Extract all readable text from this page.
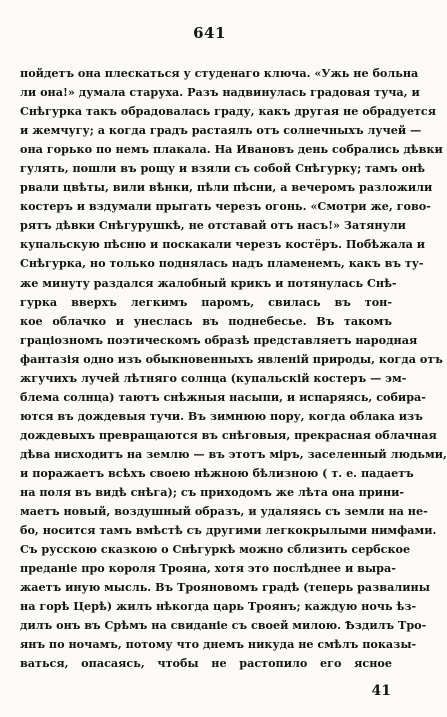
641
пойдетъ она плескаться у студенаго ключа. «Ужь не больна
ли она!» думала старуха. Разъ надвинулась градовая туча, и
Снѣгурка такъ обрадовалась граду, какъ другая не обрадуется
и жемчугу; а когда градъ растаялъ отъ солнечныхъ лучей —
она горько по немъ плакала. На Ивановъ день собрались дѣвки
гулять, пошли въ рощу и взяли съ собой Снѣгурку; тамъ онѣ
рвали цвѣты, вили вѣнки, пѣли пѣсни, а вечеромъ разложили
костеръ и вздумали прыгать черезъ огонь. «Смотри же, гово-
рятъ дѣвки Снѣгурушкѣ, не отставай отъ насъ!» Затянули
купальскую пѣсню и поскакали черезъ костёръ. Побѣжала и
Снѣгурка, но только поднялась надъ пламенемъ, какъ въ ту-
же минуту раздался жалобный крикъ и потянулась Снѣ-
гурка вверхъ легкимъ паромъ, свилась въ тон-
кое облачко и унеслась въ поднебесье. Въ такомъ
граціозномъ поэтическомъ образѣ представляетъ народная
фантазія одно изъ обыкновенныхъ явленій природы, когда отъ
жгучихъ лучей лѣтняго солнца (купальскій костеръ — эм-
блема солнца) таютъ снѣжныя насыпи, и испаряясь, собира-
ются въ дождевыя тучи. Въ зимнюю пору, когда облака изъ
дождевыхъ превращаются въ снѣговыя, прекрасная облачная
дѣва нисходитъ на землю — въ этотъ міръ, заселенный людьми,
и поражаетъ всѣхъ своею нѣжною бѣлизною ( т. е. падаетъ
на поля въ видѣ снѣга); съ приходомъ же лѣта она прини-
маетъ новый, воздушный образъ, и удаляясь съ земли на не-
бо, носится тамъ вмѣстѣ съ другими легкокрылыми нимфами.
Съ русскою сказкою о Снѣгуркѣ можно сблизить сербское
преданіе про короля Трояна, хотя это послѣднее и выра-
жаетъ иную мысль. Въ Трояновомъ градѣ (теперь развалины
на горѣ Церѣ) жилъ нѣкогда царь Троянъ; каждую ночь ѣз-
дилъ онъ въ Срѣмъ на свиданіе съ своей милою. Ѣздилъ Тро-
янъ по ночамъ, потому что днемъ никуда не смѣлъ показы-
ваться, опасаясь, чтобы не растопило его ясное
41
